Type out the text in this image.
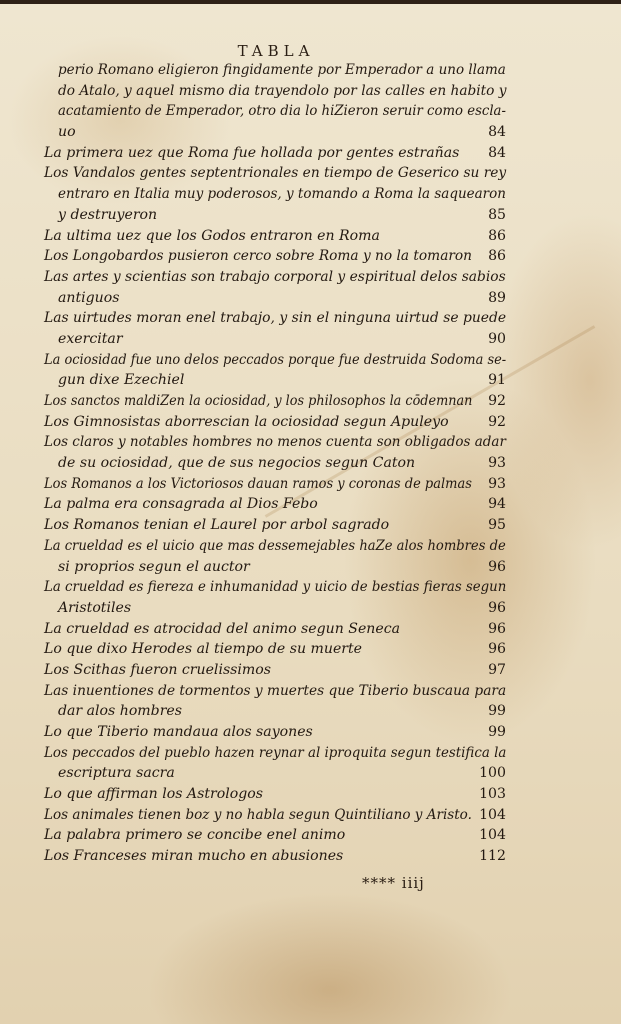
TABLA
perio Romano eligieron fingidamente por Emperador a uno llama
do Atalo, y aquel mismo dia trayendolo por las calles en habito y
acatamiento de Emperador, otro dia lo hiZieron seruir como escla-
uo	84
La primera uez que Roma fue hollada por gentes estrañas 84
Los Vandalos gentes septentrionales en tiempo de Geserico su rey
entraro en Italia muy poderosos, y tomando a Roma la saquearon
y destruyeron	85
La ultima uez que los Godos entraron en Roma	86
Los Longobardos pusieron cerco sobre Roma y no la tomaron 86
Las artes y scientias son trabajo corporal y espiritual delos sabios
antiguos	89
Las uirtudes moran enel trabajo, y sin el ninguna uirtud se puede
exercitar	90
La ociosidad fue uno delos peccados porque fue destruida Sodoma se-
gun dixe Ezechiel	91
Los sanctos maldiZen la ociosidad, y los philosophos la cōdemnan 92
Los Gimnosistas aborrescian la ociosidad segun Apuleyo	92
Los claros y notables hombres no menos cuenta son obligados adar
de su ociosidad, que de sus negocios segun Caton	93
Los Romanos a los Victoriosos dauan ramos y coronas de palmas 93
La palma era consagrada al Dios Febo	94
Los Romanos tenian el Laurel por arbol sagrado	95
La crueldad es el uicio que mas dessemejables haZe alos hombres de
si proprios segun el auctor	96
La crueldad es fiereza e inhumanidad y uicio de bestias fieras segun
Aristotiles	96
La crueldad es atrocidad del animo segun Seneca	96
Lo que dixo Herodes al tiempo de su muerte	96
Los Scithas fueron cruelissimos	97
Las inuentiones de tormentos y muertes que Tiberio buscaua para
dar alos hombres	99
Lo que Tiberio mandaua alos sayones	99
Los peccados del pueblo hazen reynar al iproquita segun testifica la
escriptura sacra	100
Lo que affirman los Astrologos	103
Los animales tienen boz y no habla segun Quintiliano y Aristo. 104
La palabra primero se concibe enel animo	104
Los Franceses miran mucho en abusiones	112
**** iiij
